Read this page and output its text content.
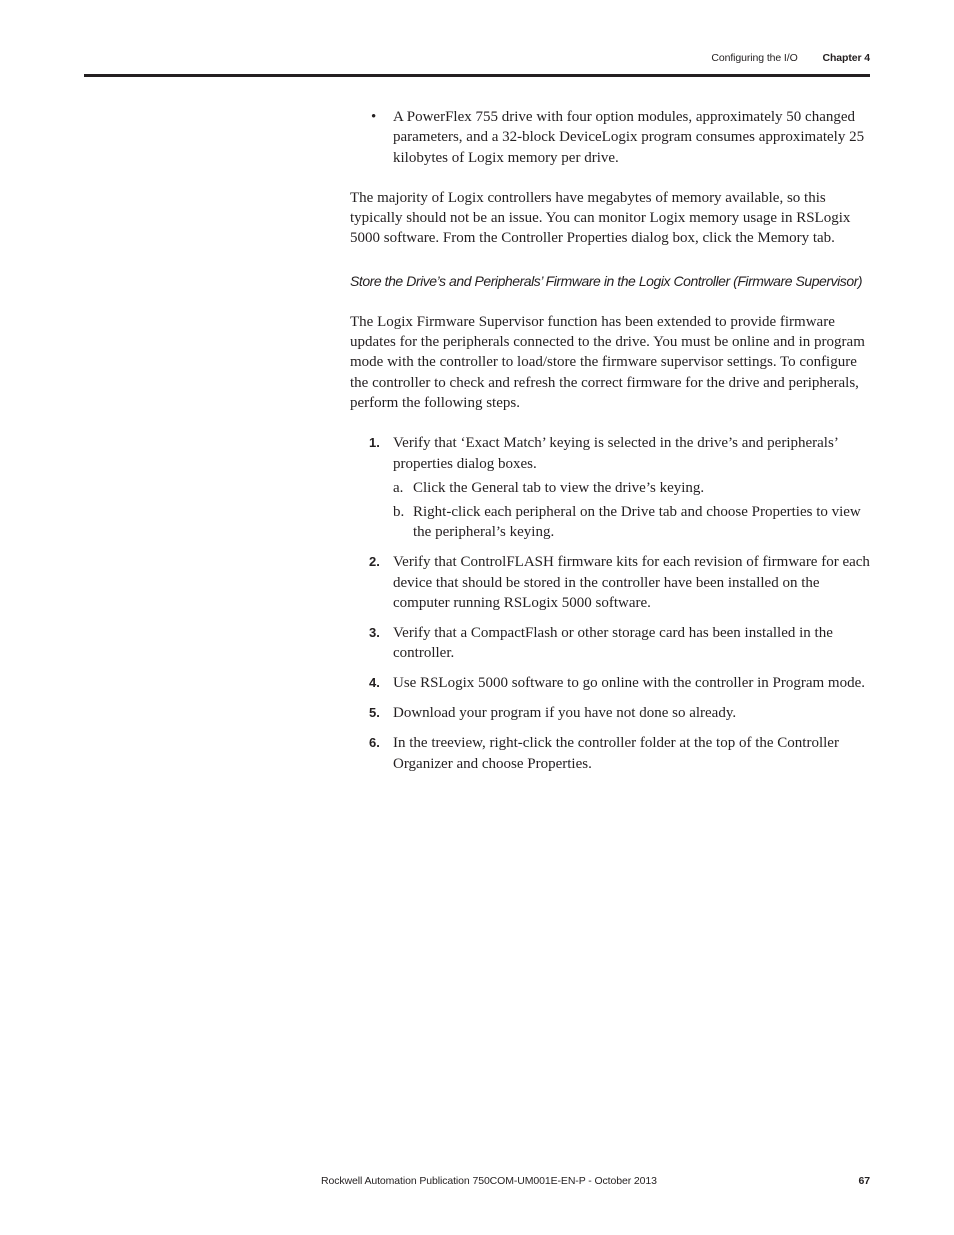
Configuring the I/O Chapter 4
• A PowerFlex 755 drive with four option modules, approximately 50 changed parameters, and a 32-block DeviceLogix program consumes approximately 25 kilobytes of Logix memory per drive.

The majority of Logix controllers have megabytes of memory available, so this typically should not be an issue. You can monitor Logix memory usage in RSLogix 5000 software. From the Controller Properties dialog box, click the Memory tab.

Store the Drive’s and Peripherals’ Firmware in the Logix Controller (Firmware Supervisor)

The Logix Firmware Supervisor function has been extended to provide firmware updates for the peripherals connected to the drive. You must be online and in program mode with the controller to load/store the firmware supervisor settings. To configure the controller to check and refresh the correct firmware for the drive and peripherals, perform the following steps.

1. Verify that ‘Exact Match’ keying is selected in the drive’s and peripherals’ properties dialog boxes.
a. Click the General tab to view the drive’s keying.
b. Right-click each peripheral on the Drive tab and choose Properties to view the peripheral’s keying.
2. Verify that ControlFLASH firmware kits for each revision of firmware for each device that should be stored in the controller have been installed on the computer running RSLogix 5000 software.
3. Verify that a CompactFlash or other storage card has been installed in the controller.
4. Use RSLogix 5000 software to go online with the controller in Program mode.
5. Download your program if you have not done so already.
6. In the treeview, right-click the controller folder at the top of the Controller Organizer and choose Properties.
Rockwell Automation Publication 750COM-UM001E-EN-P - October 2013	67
